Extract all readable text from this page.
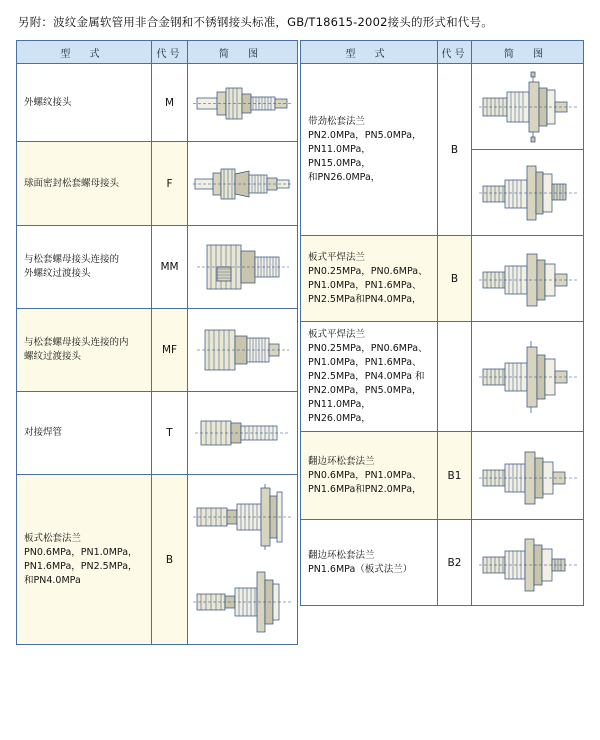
另附：波纹金属软管用非合金钢和不锈钢接头标准，GB/T18615-2002接头的形式和代号。
型 式	代号	简 图

外螺纹接头	M	

球面密封松套螺母接头	F	

与松套螺母接头连接的
外螺纹过渡接头	MM	

与松套螺母接头连接的内
螺纹过渡接头	MF	

对接焊管	T	

板式松套法兰
PN0.6MPa，PN1.0MPa，
PN1.6MPa，PN2.5MPa，
和PN4.0MPa	B	
型 式	代号	简 图

带劲松套法兰
PN2.0MPa，PN5.0MPa，
PN11.0MPa，PN15.0MPa，
和PN26.0MPa，	B	

板式平焊法兰
PN0.25MPa，PN0.6MPa、
PN1.0MPa，PN1.6MPa、
PN2.5MPa和PN4.0MPa，	B	

板式平焊法兰
PN0.25MPa，PN0.6MPa、
PN1.0MPa，PN1.6MPa、
PN2.5MPa，PN4.0MPa 和
PN2.0MPa，PN5.0MPa，
PN11.0MPa，PN26.0MPa，

翻边环松套法兰
PN0.6MPa，PN1.0MPa、
PN1.6MPa和PN2.0MPa，	B1	

翻边环松套法兰
PN1.6MPa（板式法兰）	B2	
